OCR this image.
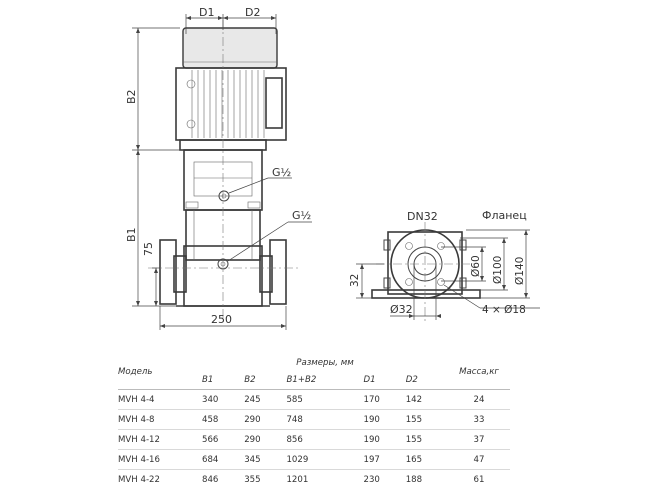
D1	D2
B2
B1
75
250
G½
G½	DN32	Фланец
Ø60 Ø100 Ø140
32
Ø32	4 × Ø18
Модель	Размеры, мм					Масса,кг
	B1	B2	B1+B2	D1	D2	
MVH 4-4	340	245	585	170	142	24
MVH 4-8	458	290	748	190	155	33
MVH 4-12	566	290	856	190	155	37
MVH 4-16	684	345	1029	197	165	47
MVH 4-22	846	355	1201	230	188	61
